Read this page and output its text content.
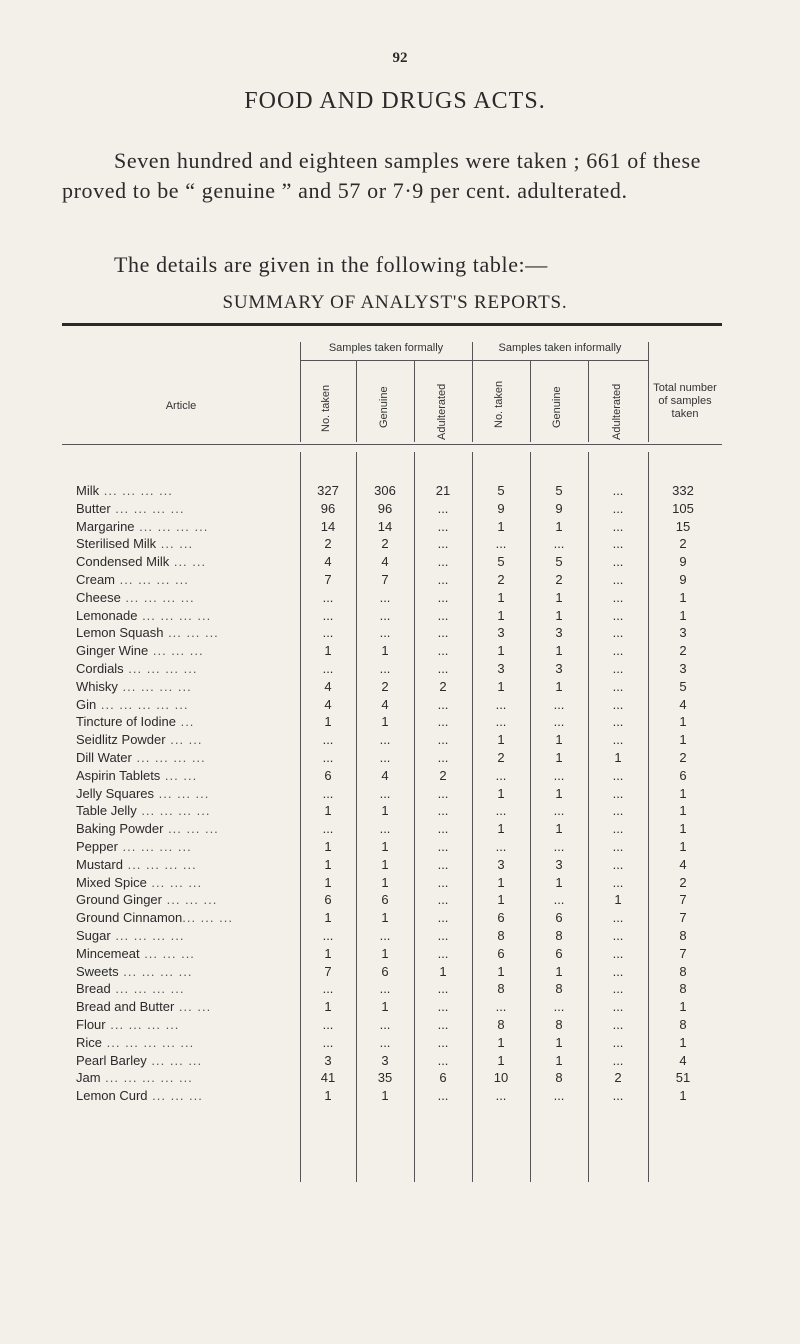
92
FOOD AND DRUGS ACTS.
Seven hundred and eighteen samples were taken ; 661 of these proved to be “ genuine ” and 57 or 7·9 per cent. adulterated.
The details are given in the following table:—
SUMMARY OF ANALYST'S REPORTS.
Article
Samples taken formally	Samples taken informally
Total number of samples taken
No. taken	Genuine	Adulterated	No. taken	Genuine	Adulterated
Milk ... ... ... ...	327	306	21	5	5	...	332
Butter ... ... ... ...	96	96	...	9	9	...	105
Margarine ... ... ... ...	14	14	...	1	1	...	15
Sterilised Milk ... ...	2	2	...	...	...	...	2
Condensed Milk ... ...	4	4	...	5	5	...	9
Cream ... ... ... ...	7	7	...	2	2	...	9
Cheese ... ... ... ...	...	...	...	1	1	...	1
Lemonade ... ... ... ...	...	...	...	1	1	...	1
Lemon Squash ... ... ...	...	...	...	3	3	...	3
Ginger Wine ... ... ...	1	1	...	1	1	...	2
Cordials ... ... ... ...	...	...	...	3	3	...	3
Whisky ... ... ... ...	4	2	2	1	1	...	5
Gin ... ... ... ... ...	4	4	...	...	...	...	4
Tincture of Iodine ...	1	1	...	...	...	...	1
Seidlitz Powder ... ...	...	...	...	1	1	...	1
Dill Water ... ... ... ...	...	...	...	2	1	1	2
Aspirin Tablets ... ...	6	4	2	...	...	...	6
Jelly Squares ... ... ...	...	...	...	1	1	...	1
Table Jelly ... ... ... ...	1	1	...	...	...	...	1
Baking Powder ... ... ...	...	...	...	1	1	...	1
Pepper ... ... ... ...	1	1	...	...	...	...	1
Mustard ... ... ... ...	1	1	...	3	3	...	4
Mixed Spice ... ... ...	1	1	...	1	1	...	2
Ground Ginger ... ... ...	6	6	...	1	...	1	7
Ground Cinnamon... ... ...	1	1	...	6	6	...	7
Sugar ... ... ... ...	...	...	...	8	8	...	8
Mincemeat ... ... ...	1	1	...	6	6	...	7
Sweets ... ... ... ...	7	6	1	1	1	...	8
Bread ... ... ... ...	...	...	...	8	8	...	8
Bread and Butter ... ...	1	1	...	...	...	...	1
Flour ... ... ... ...	...	...	...	8	8	...	8
Rice ... ... ... ... ...	...	...	...	1	1	...	1
Pearl Barley ... ... ...	3	3	...	1	1	...	4
Jam ... ... ... ... ...	41	35	6	10	8	2	51
Lemon Curd ... ... ...	1	1	...	...	...	...	1
